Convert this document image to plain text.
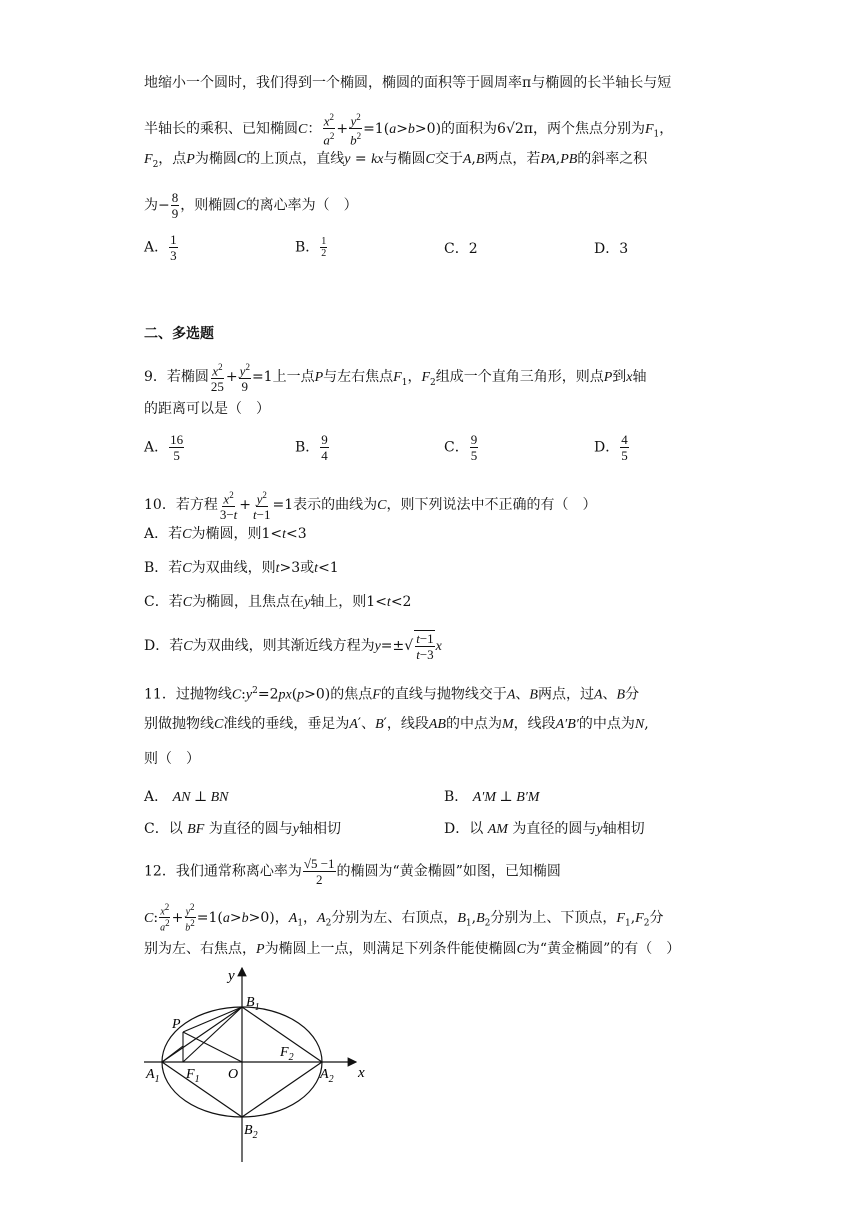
地缩小一个圆时，我们得到一个椭圆，椭圆的面积等于圆周率π与椭圆的长半轴长与短
半轴长的乘积、已知椭圆C： $\frac{x^2}{a^2} + \frac{y^2}{b^2} =1(a>b>0)$的面积为6√2π，两个焦点分别为$F_1$，
$F_2$，点P为椭圆C的上顶点，直线y = kx与椭圆C交于A,B两点，若PA,PB的斜率之积
为− $\frac{8}{9}$ ，则椭圆C的离心率为（　）
A． $\frac{1}{3}$	B． $\frac{1}{2}$	C．2	D．3
二、多选题
9．若椭圆 $\frac{x^2}{25} + \frac{y^2}{9} =1$上一点P与左右焦点$F_1$，$F_2$组成一个直角三角形，则点P到x轴
的距离可以是（　）
A． $\frac{16}{5}$	B． $\frac{9}{4}$	C． $\frac{9}{5}$	D． $\frac{4}{5}$
10．若方程 $\frac{x^2}{3-t} + \frac{y^2}{t-1} =1$表示的曲线为C，则下列说法中不正确的有（　）
A．若C为椭圆，则1<t<3
B．若C为双曲线，则t>3或t<1
C．若C为椭圆，且焦点在y轴上，则1<t<2
D．若C为双曲线，则其渐近线方程为$y=\pm√ \frac{t-1}{t-3}$ x
11．过抛物线$C:y^2=2px(p>0)$的焦点F的直线与抛物线交于A、B两点，过A、B分
别做抛物线C准线的垂线，垂足为A′、B′，线段AB的中点为M，线段A′B′的中点为N,
则（　）
A． AN ⊥ BN	B． A′M ⊥ B′M
C．以 BF 为直径的圆与y轴相切	D．以 AM 为直径的圆与y轴相切
12．我们通常称离心率为 $\frac{√5 -1}{2}$ 的椭圆为“黄金椭圆”如图，已知椭圆
C: $\frac{x^2}{a^2} + \frac{y^2}{b^2} =1(a>b>0)$，$A_1$，$A_2$分别为左、右顶点，$B_1,B_2$分别为上、下顶点，$F_1,F_2$分
别为左、右焦点，P为椭圆上一点，则满足下列条件能使椭圆C为“黄金椭圆”的有（　）
y
x
$B_1$
$B_2$
P
$F_1$
$F_2$
O
$A_1$	$A_2$
